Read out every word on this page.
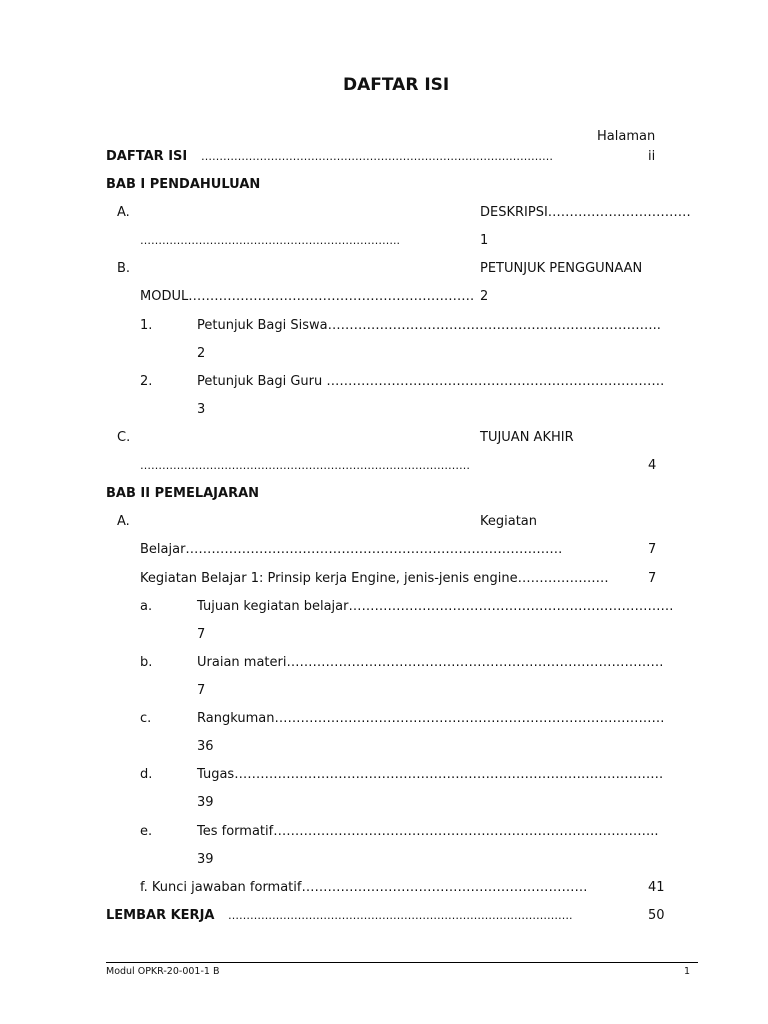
DAFTAR ISI
Halaman
DAFTAR ISI ……………………………………………………………………………………	ii
BAB I PENDAHULUAN
A.	DESKRIPSI……………………………
……………………………………………………………..	1
B.	PETUNJUK PENGGUNAAN
MODUL………………………………………………………… 2
1.	Petunjuk Bagi Siswa…………………………………………………………………..
2
2.	Petunjuk Bagi Guru ……………………………………………………………………
3
C.	TUJUAN AKHIR
………………………………………………………………………………	4
BAB II PEMELAJARAN
A.	Kegiatan
Belajar……………………………………………………………………………	7
Kegiatan Belajar 1: Prinsip kerja Engine, jenis-jenis engine…………………	7
a.	Tujuan kegiatan belajar…………………………………………………………………
7
b.	Uraian materi……………………………………………………………………………
7
c.	Rangkuman………………………………………………………………………………
36
d.	Tugas………………………………………………………………………………………
39
e.	Tes formatif……………………………………………………………………………..
39
f. Kunci jawaban formatif…………………………………………………………	41
LEMBAR KERJA ………………………………………………………………………………….	50
Modul OPKR-20-001-1 B	1
